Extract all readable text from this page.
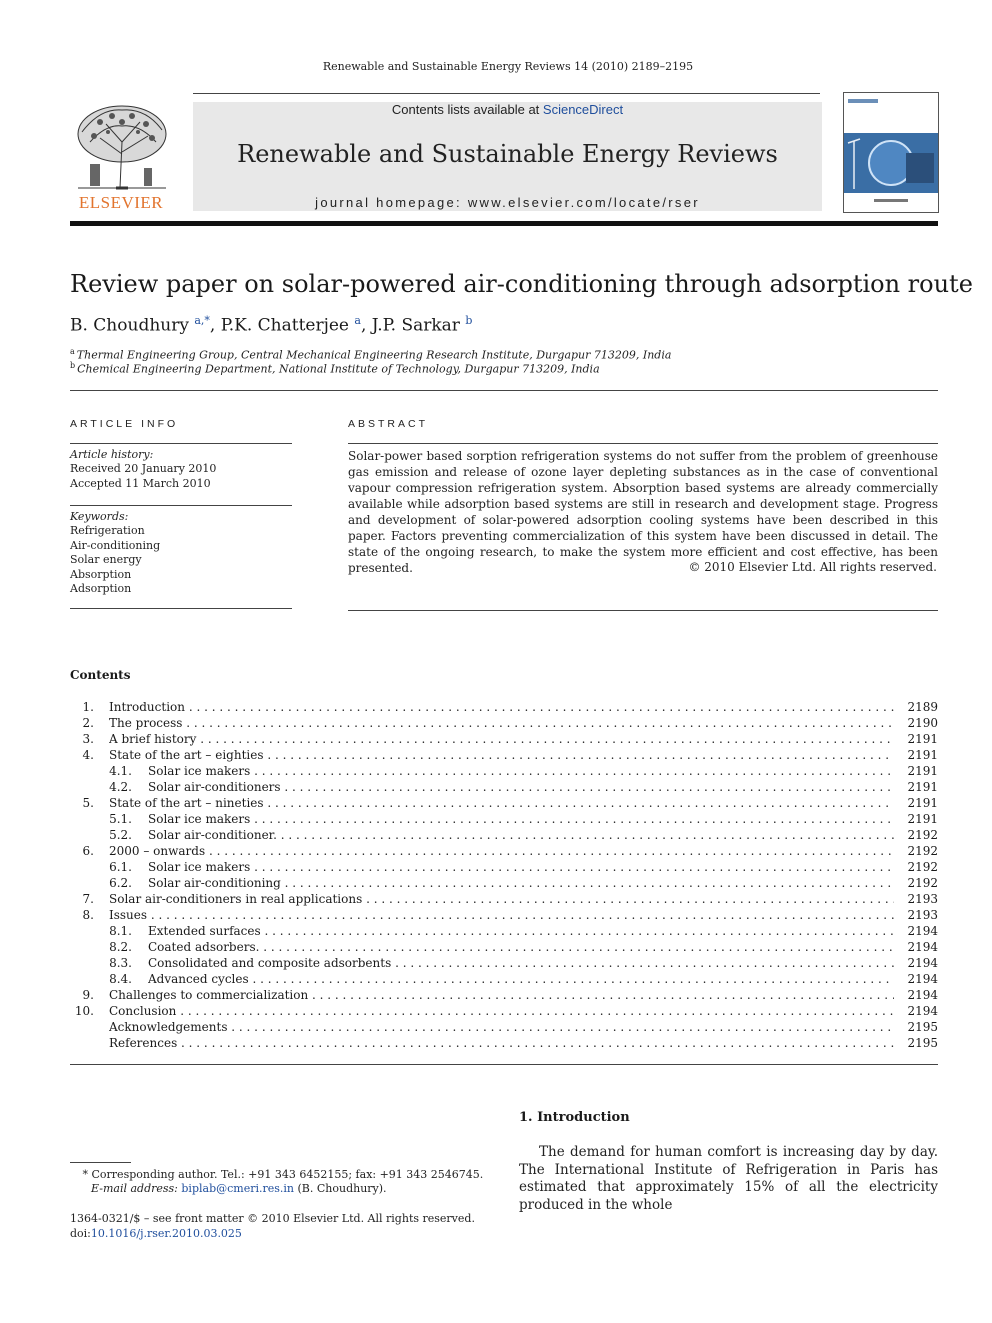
Renewable and Sustainable Energy Reviews 14 (2010) 2189–2195
ELSEVIER
Contents lists available at ScienceDirect
Renewable and Sustainable Energy Reviews
journal homepage: www.elsevier.com/locate/rser
Review paper on solar-powered air-conditioning through adsorption route
B. Choudhury $^{a,*}$, P.K. Chatterjee $^a$, J.P. Sarkar $^b$
$^a$ Thermal Engineering Group, Central Mechanical Engineering Research Institute, Durgapur 713209, India
$^b$ Chemical Engineering Department, National Institute of Technology, Durgapur 713209, India
ARTICLE INFO
Article history:
Received 20 January 2010
Accepted 11 March 2010
Keywords:
Refrigeration
Air-conditioning
Solar energy
Absorption
Adsorption
ABSTRACT
Solar-power based sorption refrigeration systems do not suffer from the problem of greenhouse gas emission and release of ozone layer depleting substances as in the case of conventional vapour compression refrigeration system. Absorption based systems are already commercially available while adsorption based systems are still in research and development stage. Progress and development of solar-powered adsorption cooling systems have been described in this paper. Factors preventing commercialization of this system have been discussed in detail. The state of the ongoing research, to make the system more efficient and cost effective, has been presented.	© 2010 Elsevier Ltd. All rights reserved.
Contents
1. Introduction . . .	2189
2. The process . . .	2190
3. A brief history . . .	2191
4. State of the art – eighties . . .	2191
4.1. Solar ice makers . . .	2191
4.2. Solar air-conditioners . . .	2191
5. State of the art – nineties . . .	2191
5.1. Solar ice makers . . .	2191
5.2. Solar air-conditioner. . . .	2192
6. 2000 – onwards . . .	2192
6.1. Solar ice makers . . .	2192
6.2. Solar air-conditioning . . .	2192
7. Solar air-conditioners in real applications . . .	2193
8. Issues . . .	2193
8.1. Extended surfaces . . .	2194
8.2. Coated adsorbers. . . .	2194
8.3. Consolidated and composite adsorbents . . .	2194
8.4. Advanced cycles . . .	2194
9. Challenges to commercialization . . .	2194
10. Conclusion . . .	2194
Acknowledgements . . .	2195
References . . .	2195
1. Introduction
The demand for human comfort is increasing day by day. The International Institute of Refrigeration in Paris has estimated that approximately 15% of all the electricity produced in the whole
* Corresponding author. Tel.: +91 343 6452155; fax: +91 343 2546745.
E-mail address: biplab@cmeri.res.in (B. Choudhury).
1364-0321/$ – see front matter © 2010 Elsevier Ltd. All rights reserved.
doi:10.1016/j.rser.2010.03.025
